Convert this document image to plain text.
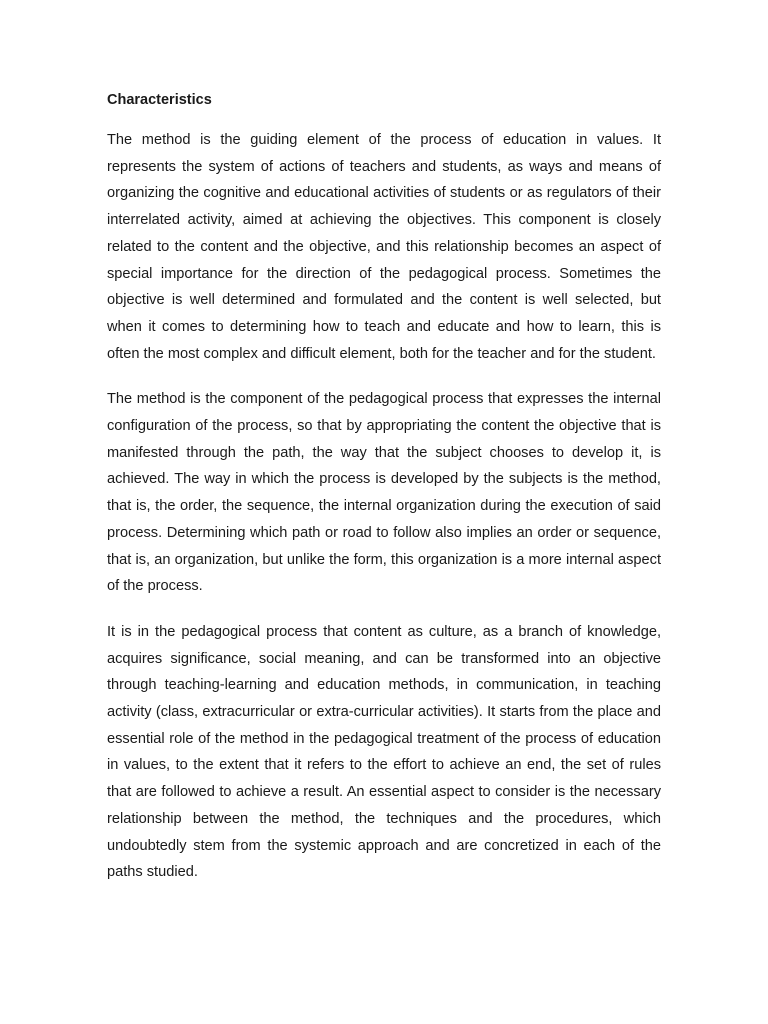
Characteristics

The method is the guiding element of the process of education in values. It represents the system of actions of teachers and students, as ways and means of organizing the cognitive and educational activities of students or as regulators of their interrelated activity, aimed at achieving the objectives. This component is closely related to the content and the objective, and this relationship becomes an aspect of special importance for the direction of the pedagogical process. Sometimes the objective is well determined and formulated and the content is well selected, but when it comes to determining how to teach and educate and how to learn, this is often the most complex and difficult element, both for the teacher and for the student.

The method is the component of the pedagogical process that expresses the internal configuration of the process, so that by appropriating the content the objective that is manifested through the path, the way that the subject chooses to develop it, is achieved. The way in which the process is developed by the subjects is the method, that is, the order, the sequence, the internal organization during the execution of said process. Determining which path or road to follow also implies an order or sequence, that is, an organization, but unlike the form, this organization is a more internal aspect of the process.

It is in the pedagogical process that content as culture, as a branch of knowledge, acquires significance, social meaning, and can be transformed into an objective through teaching-learning and education methods, in communication, in teaching activity (class, extracurricular or extra-curricular activities). It starts from the place and essential role of the method in the pedagogical treatment of the process of education in values, to the extent that it refers to the effort to achieve an end, the set of rules that are followed to achieve a result. An essential aspect to consider is the necessary relationship between the method, the techniques and the procedures, which undoubtedly stem from the systemic approach and are concretized in each of the paths studied.
